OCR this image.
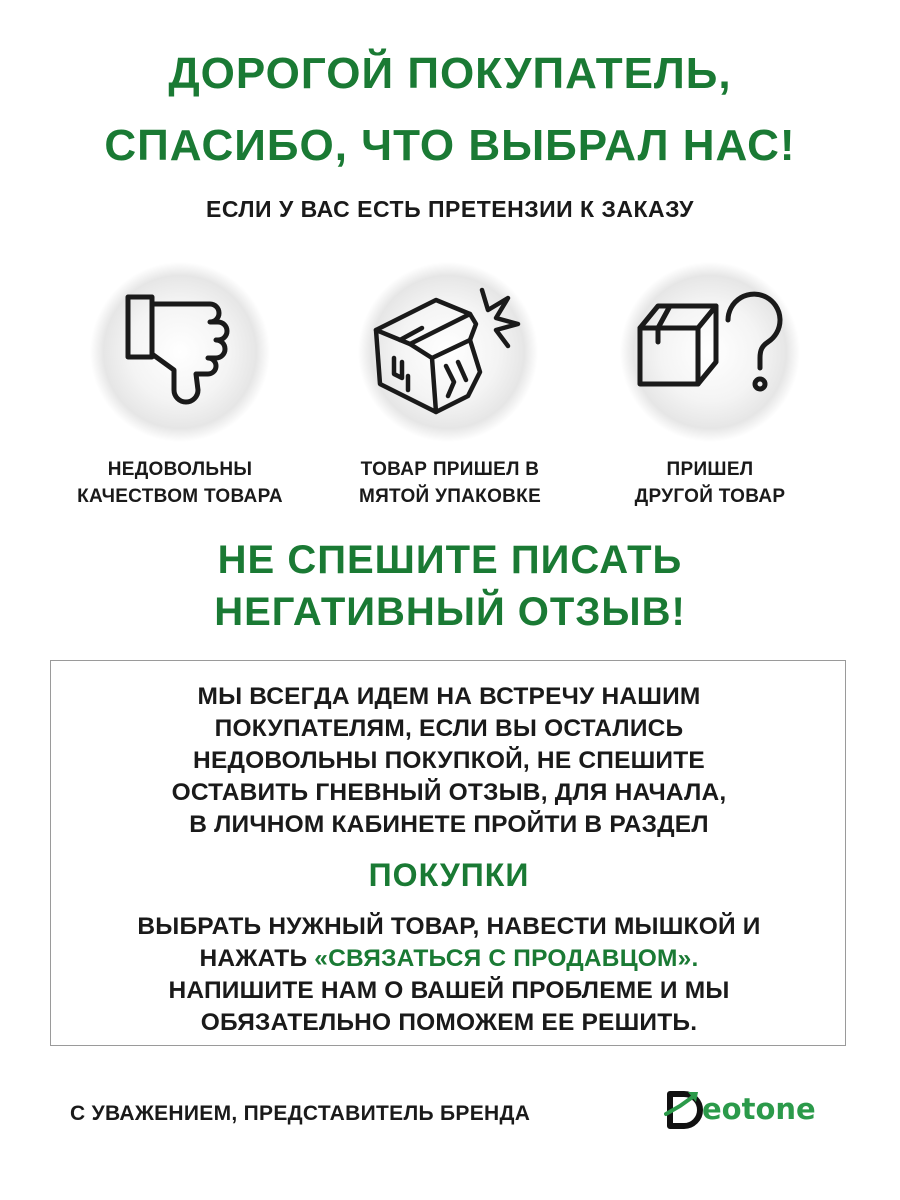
ДОРОГОЙ ПОКУПАТЕЛЬ,
СПАСИБО, ЧТО ВЫБРАЛ НАС!
ЕСЛИ У ВАС ЕСТЬ ПРЕТЕНЗИИ К ЗАКАЗУ
НЕДОВОЛЬНЫ
КАЧЕСТВОМ ТОВАРА
ТОВАР ПРИШЕЛ В
МЯТОЙ УПАКОВКЕ
ПРИШЕЛ
ДРУГОЙ ТОВАР
НЕ СПЕШИТЕ ПИСАТЬ
НЕГАТИВНЫЙ ОТЗЫВ!
МЫ ВСЕГДА ИДЕМ НА ВСТРЕЧУ НАШИМ
ПОКУПАТЕЛЯМ, ЕСЛИ ВЫ ОСТАЛИСЬ
НЕДОВОЛЬНЫ ПОКУПКОЙ, НЕ СПЕШИТЕ
ОСТАВИТЬ ГНЕВНЫЙ ОТЗЫВ, ДЛЯ НАЧАЛА,
В ЛИЧНОМ КАБИНЕТЕ ПРОЙТИ В РАЗДЕЛ
ПОКУПКИ
ВЫБРАТЬ НУЖНЫЙ ТОВАР, НАВЕСТИ МЫШКОЙ И
НАЖАТЬ «СВЯЗАТЬСЯ С ПРОДАВЦОМ».
НАПИШИТЕ НАМ О ВАШЕЙ ПРОБЛЕМЕ И МЫ
ОБЯЗАТЕЛЬНО ПОМОЖЕМ ЕЕ РЕШИТЬ.
С УВАЖЕНИЕМ, ПРЕДСТАВИТЕЛЬ БРЕНДА	eotone
